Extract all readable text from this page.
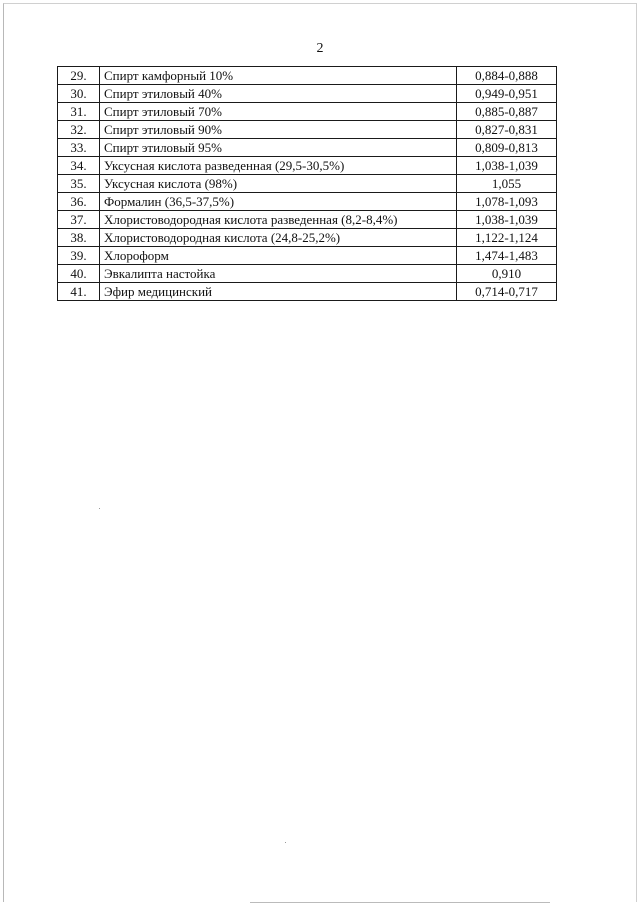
2
29.	Спирт камфорный 10%	0,884-0,888
30.	Спирт этиловый 40%	0,949-0,951
31.	Спирт этиловый 70%	0,885-0,887
32.	Спирт этиловый 90%	0,827-0,831
33.	Спирт этиловый 95%	0,809-0,813
34.	Уксусная кислота разведенная (29,5-30,5%)	1,038-1,039
35.	Уксусная кислота (98%)	1,055
36.	Формалин (36,5-37,5%)	1,078-1,093
37.	Хлористоводородная кислота разведенная (8,2-8,4%)	1,038-1,039
38.	Хлористоводородная кислота (24,8-25,2%)	1,122-1,124
39.	Хлороформ	1,474-1,483
40.	Эвкалипта настойка	0,910
41.	Эфир медицинский	0,714-0,717
